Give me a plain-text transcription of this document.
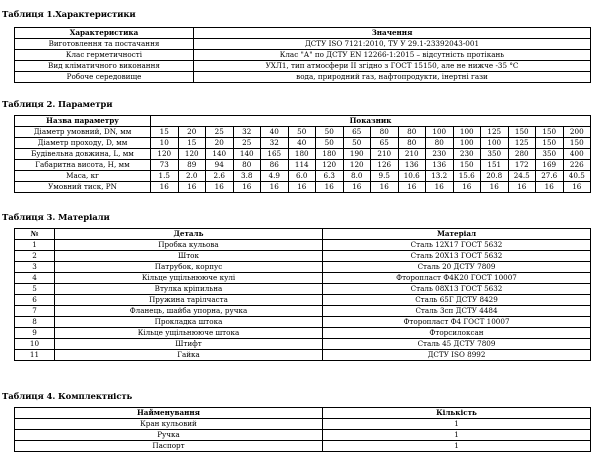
Таблиця 1.Характеристики
Характеристика	Значення
Виготовлення та постачання	ДСТУ ISO 7121:2010, ТУ У 29.1-23392043-001
Клас герметичності	Клас "А" по ДСТУ EN 12266-1:2015 – відсутність протікань
Вид кліматичного виконання	УХЛ1, тип атмосфери II згідно з ГОСТ 15150, але не нижче -35 °С
Робоче середовище	вода, природний газ, нафтопродукти, інертні гази
Таблиця 2. Параметри
Назва параметру	Показник															
Діаметр умовний, DN, мм	15	20	25	32	40	50	50	65	80	80	100	100	125	150	150	200
Діаметр проходу, D, мм	10	15	20	25	32	40	50	50	65	80	80	100	100	125	150	150
Будівельна довжина, L, мм	120	120	140	140	165	180	180	190	210	210	230	230	350	280	350	400
Габаритна висота, H, мм	73	89	94	80	86	114	120	120	126	136	136	150	151	172	169	226
Маса, кг	1.5	2.0	2.6	3.8	4.9	6.0	6.3	8.0	9.5	10.6	13.2	15.6	20.8	24.5	27.6	40.5
Умовний тиск, PN	16	16	16	16	16	16	16	16	16	16	16	16	16	16	16	16
Таблиця 3. Матеріали
№	Деталь	Матеріал
1	Пробка кульова	Сталь 12Х17 ГОСТ 5632
2	Шток	Сталь 20Х13 ГОСТ 5632
3	Патрубок, корпус	Сталь 20 ДСТУ 7809
4	Кільце ущільнююче кулі	Фторопласт Ф4К20 ГОСТ 10007
5	Втулка кріпильна	Сталь 08Х13 ГОСТ 5632
6	Пружина тарілчаста	Сталь 65Г ДСТУ 8429
7	Фланець, шайба упорна, ручка	Сталь 3сп ДСТУ 4484
8	Прокладка штока	Фторопласт Ф4 ГОСТ 10007
9	Кільце ущільнююче штока	Фторсилоксан
10	Штифт	Сталь 45 ДСТУ 7809
11	Гайка	ДСТУ ISO 8992
Таблиця 4. Комплектність
Найменування	Кількість
Кран кульовий	1
Ручка	1
Паспорт	1
